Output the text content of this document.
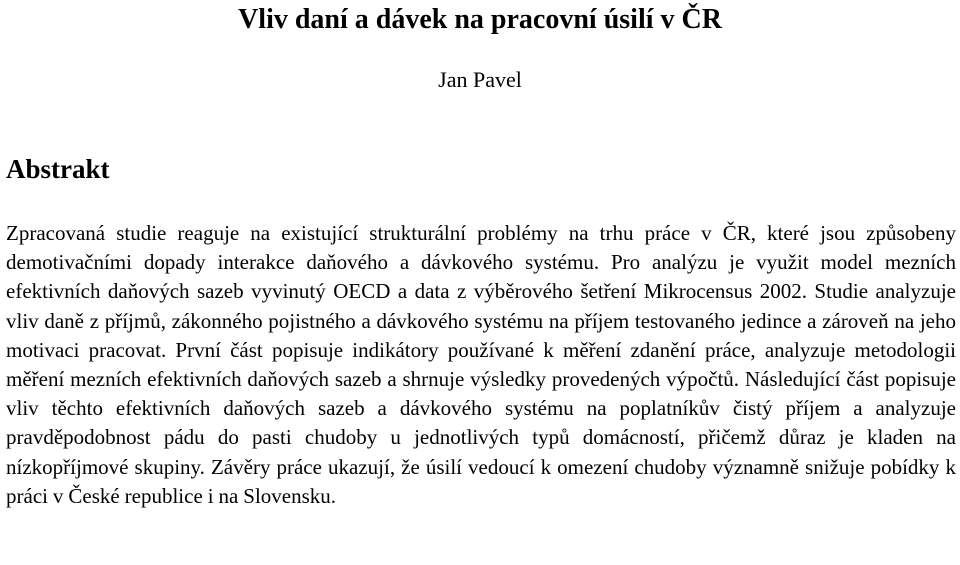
Vliv daní a dávek na pracovní úsilí v ČR

Jan Pavel

Abstrakt

Zpracovaná studie reaguje na existující strukturální problémy na trhu práce v ČR, které jsou způsobeny demotivačními dopady interakce daňového a dávkového systému. Pro analýzu je využit model mezních efektivních daňových sazeb vyvinutý OECD a data z výběrového šetření Mikrocensus 2002. Studie analyzuje vliv daně z příjmů, zákonného pojistného a dávkového systému na příjem testovaného jedince a zároveň na jeho motivaci pracovat. První část popisuje indikátory používané k měření zdanění práce, analyzuje metodologii měření mezních efektivních daňových sazeb a shrnuje výsledky provedených výpočtů. Následující část popisuje vliv těchto efektivních daňových sazeb a dávkového systému na poplatníkův čistý příjem a analyzuje pravděpodobnost pádu do pasti chudoby u jednotlivých typů domácností, přičemž důraz je kladen na nízkopříjmové skupiny. Závěry práce ukazují, že úsilí vedoucí k omezení chudoby významně snižuje pobídky k práci v České republice i na Slovensku.
